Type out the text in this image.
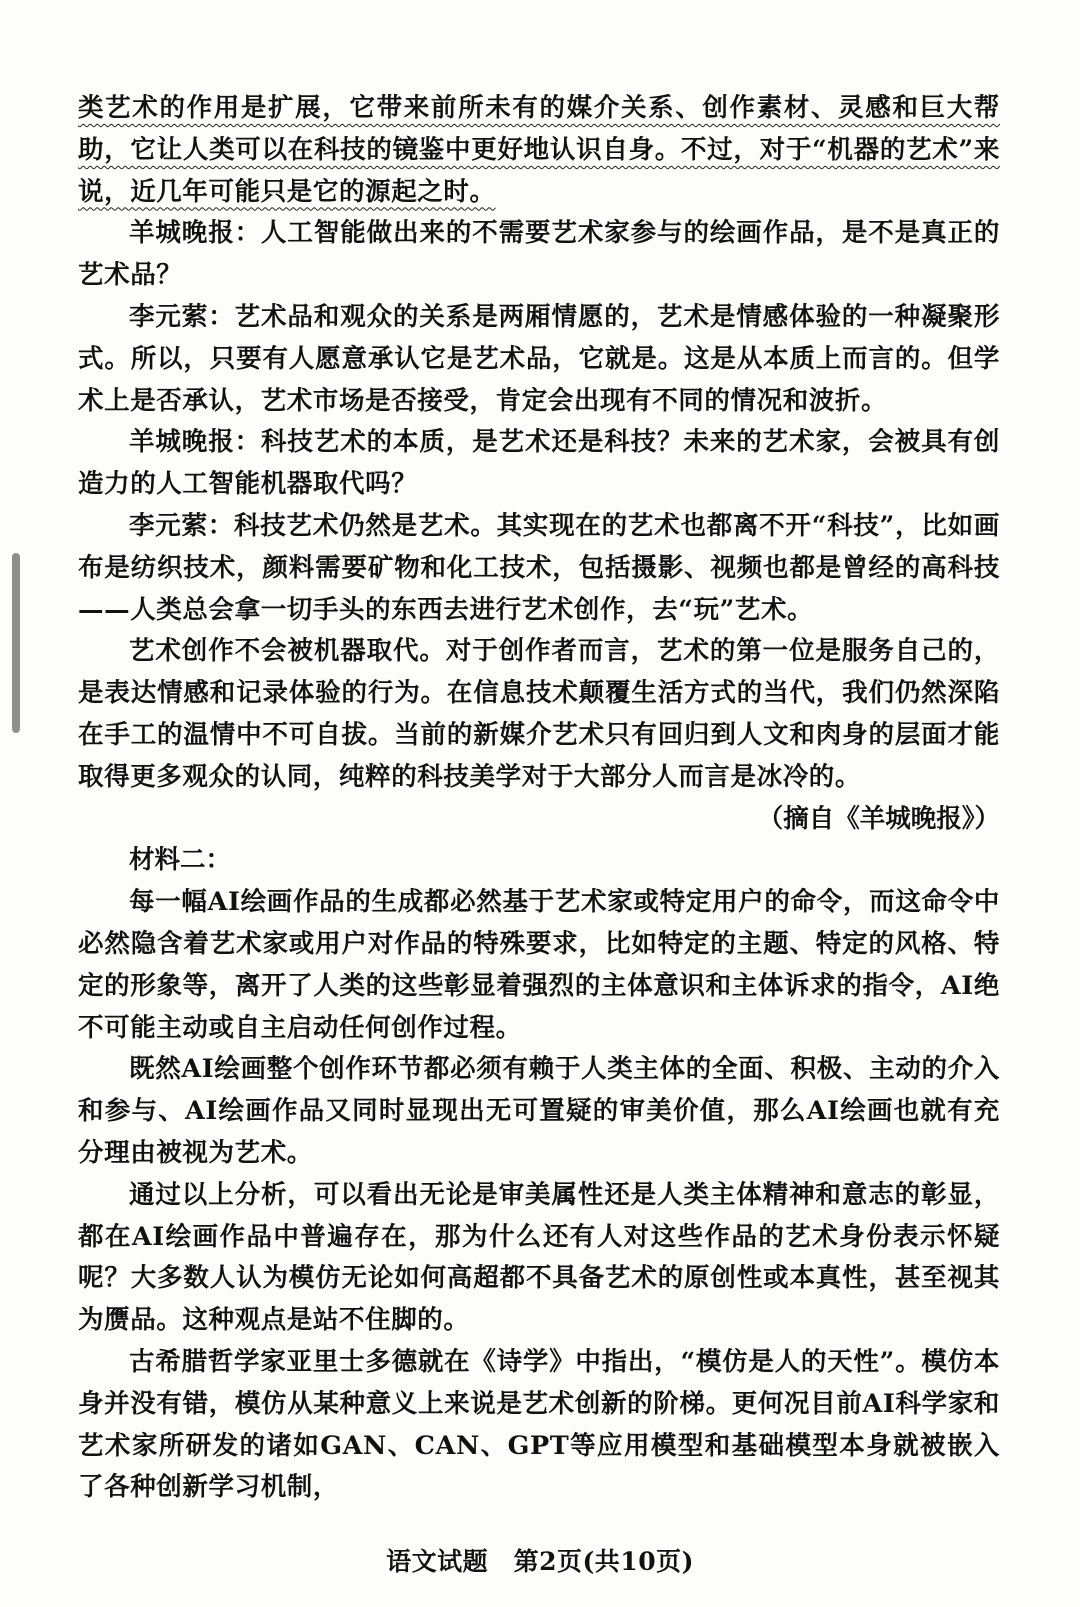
类艺术的作用是扩展，它带来前所未有的媒介关系、创作素材、灵感和巨大帮助，它让人类可以在科技的镜鉴中更好地认识自身。不过，对于“机器的艺术”来说，近几年可能只是它的源起之时。

羊城晚报：人工智能做出来的不需要艺术家参与的绘画作品，是不是真正的艺术品？

李元萦：艺术品和观众的关系是两厢情愿的，艺术是情感体验的一种凝聚形式。所以，只要有人愿意承认它是艺术品，它就是。这是从本质上而言的。但学术上是否承认，艺术市场是否接受，肯定会出现有不同的情况和波折。

羊城晚报：科技艺术的本质，是艺术还是科技？未来的艺术家，会被具有创造力的人工智能机器取代吗？

李元萦：科技艺术仍然是艺术。其实现在的艺术也都离不开“科技”，比如画布是纺织技术，颜料需要矿物和化工技术，包括摄影、视频也都是曾经的高科技——人类总会拿一切手头的东西去进行艺术创作，去“玩”艺术。

艺术创作不会被机器取代。对于创作者而言，艺术的第一位是服务自己的，是表达情感和记录体验的行为。在信息技术颠覆生活方式的当代，我们仍然深陷在手工的温情中不可自拔。当前的新媒介艺术只有回归到人文和肉身的层面才能取得更多观众的认同，纯粹的科技美学对于大部分人而言是冰冷的。

（摘自《羊城晚报》）

材料二：

每一幅AI绘画作品的生成都必然基于艺术家或特定用户的命令，而这命令中必然隐含着艺术家或用户对作品的特殊要求，比如特定的主题、特定的风格、特定的形象等，离开了人类的这些彰显着强烈的主体意识和主体诉求的指令，AI绝不可能主动或自主启动任何创作过程。

既然AI绘画整个创作环节都必须有赖于人类主体的全面、积极、主动的介入和参与、AI绘画作品又同时显现出无可置疑的审美价值，那么AI绘画也就有充分理由被视为艺术。

通过以上分析，可以看出无论是审美属性还是人类主体精神和意志的彰显，都在AI绘画作品中普遍存在，那为什么还有人对这些作品的艺术身份表示怀疑呢？大多数人认为模仿无论如何高超都不具备艺术的原创性或本真性，甚至视其为赝品。这种观点是站不住脚的。

古希腊哲学家亚里士多德就在《诗学》中指出，“模仿是人的天性”。模仿本身并没有错，模仿从某种意义上来说是艺术创新的阶梯。更何况目前AI科学家和艺术家所研发的诸如GAN、CAN、GPT等应用模型和基础模型本身就被嵌入了各种创新学习机制，

语文试题　第2页(共10页)
